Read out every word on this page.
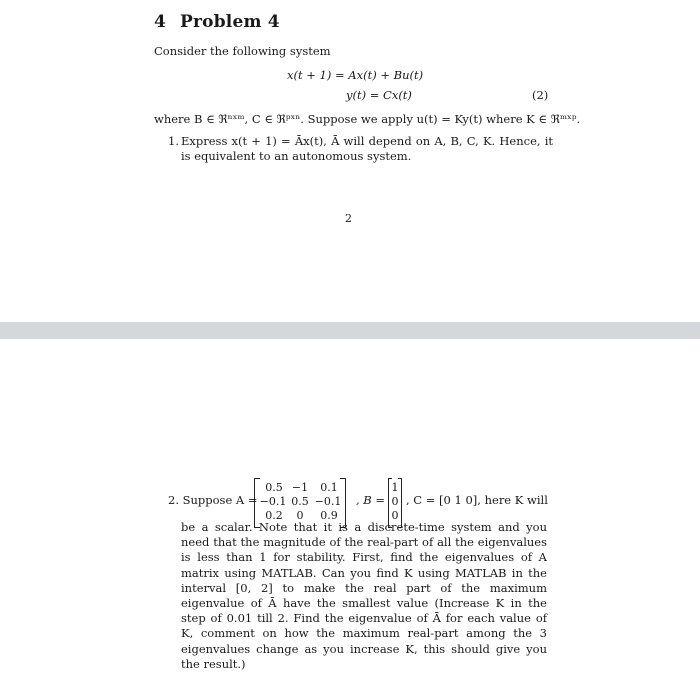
4 Problem 4
Consider the following system
x(t + 1) = Ax(t) + Bu(t)
y(t) = Cx(t)	(2)
where B ∈ ℜⁿˣᵐ, C ∈ ℜᵖˣⁿ. Suppose we apply u(t) = Ky(t) where K ∈ ℜᵐˣᵖ.
1. Express x(t + 1) = Āx(t), Ā will depend on A, B, C, K. Hence, it is equivalent to an autonomous system.
2
2. Suppose A =
0.5 −1	0.1
−0.1 0.5 −0.1
0.2	0	0.9
, B =
1
0
0
, C = [0 1 0], here K will

be a scalar. Note that it is a discrete-time system and you need that the magnitude of the real-part of all the eigenvalues is less than 1 for stability. First, find the eigenvalues of A matrix using MATLAB. Can you find K using MATLAB in the interval [0, 2] to make the real part of the maximum eigenvalue of Ā have the smallest value (Increase K in the step of 0.01 till 2. Find the eigenvalue of Ā for each value of K, comment on how the maximum real-part among the 3 eigenvalues change as you increase K, this should give you the result.)
